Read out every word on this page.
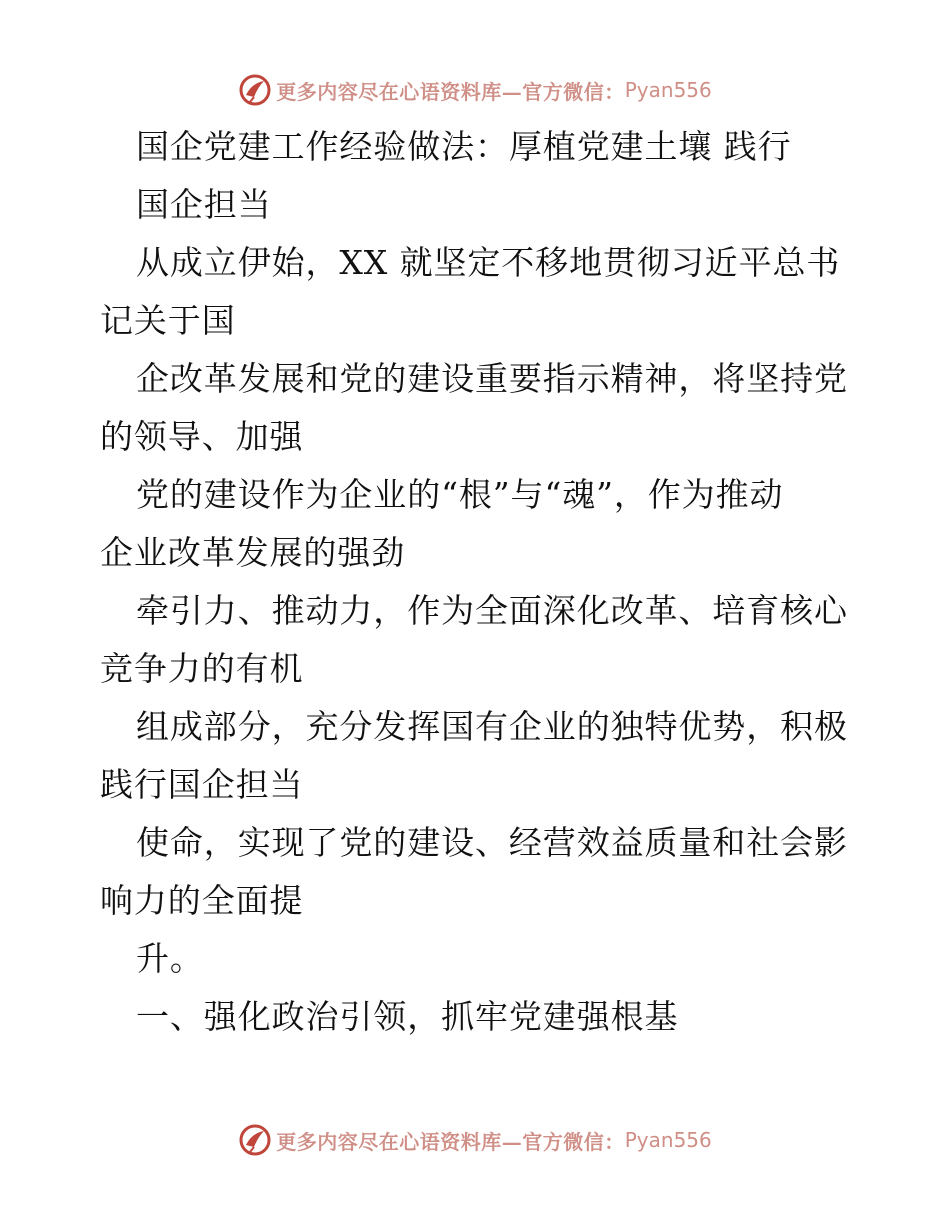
更多内容尽在心语资料库—官方微信： Pyan556
国企党建工作经验做法：厚植党建土壤 践行
国企担当
从成立伊始，XX 就坚定不移地贯彻习近平总书
记关于国
企改革发展和党的建设重要指示精神，将坚持党
的领导、加强
党的建设作为企业的“根”与“魂”，作为推动
企业改革发展的强劲
牵引力、推动力，作为全面深化改革、培育核心
竞争力的有机
组成部分，充分发挥国有企业的独特优势，积极
践行国企担当
使命，实现了党的建设、经营效益质量和社会影
响力的全面提
升。
一、强化政治引领，抓牢党建强根基
更多内容尽在心语资料库—官方微信： Pyan556
